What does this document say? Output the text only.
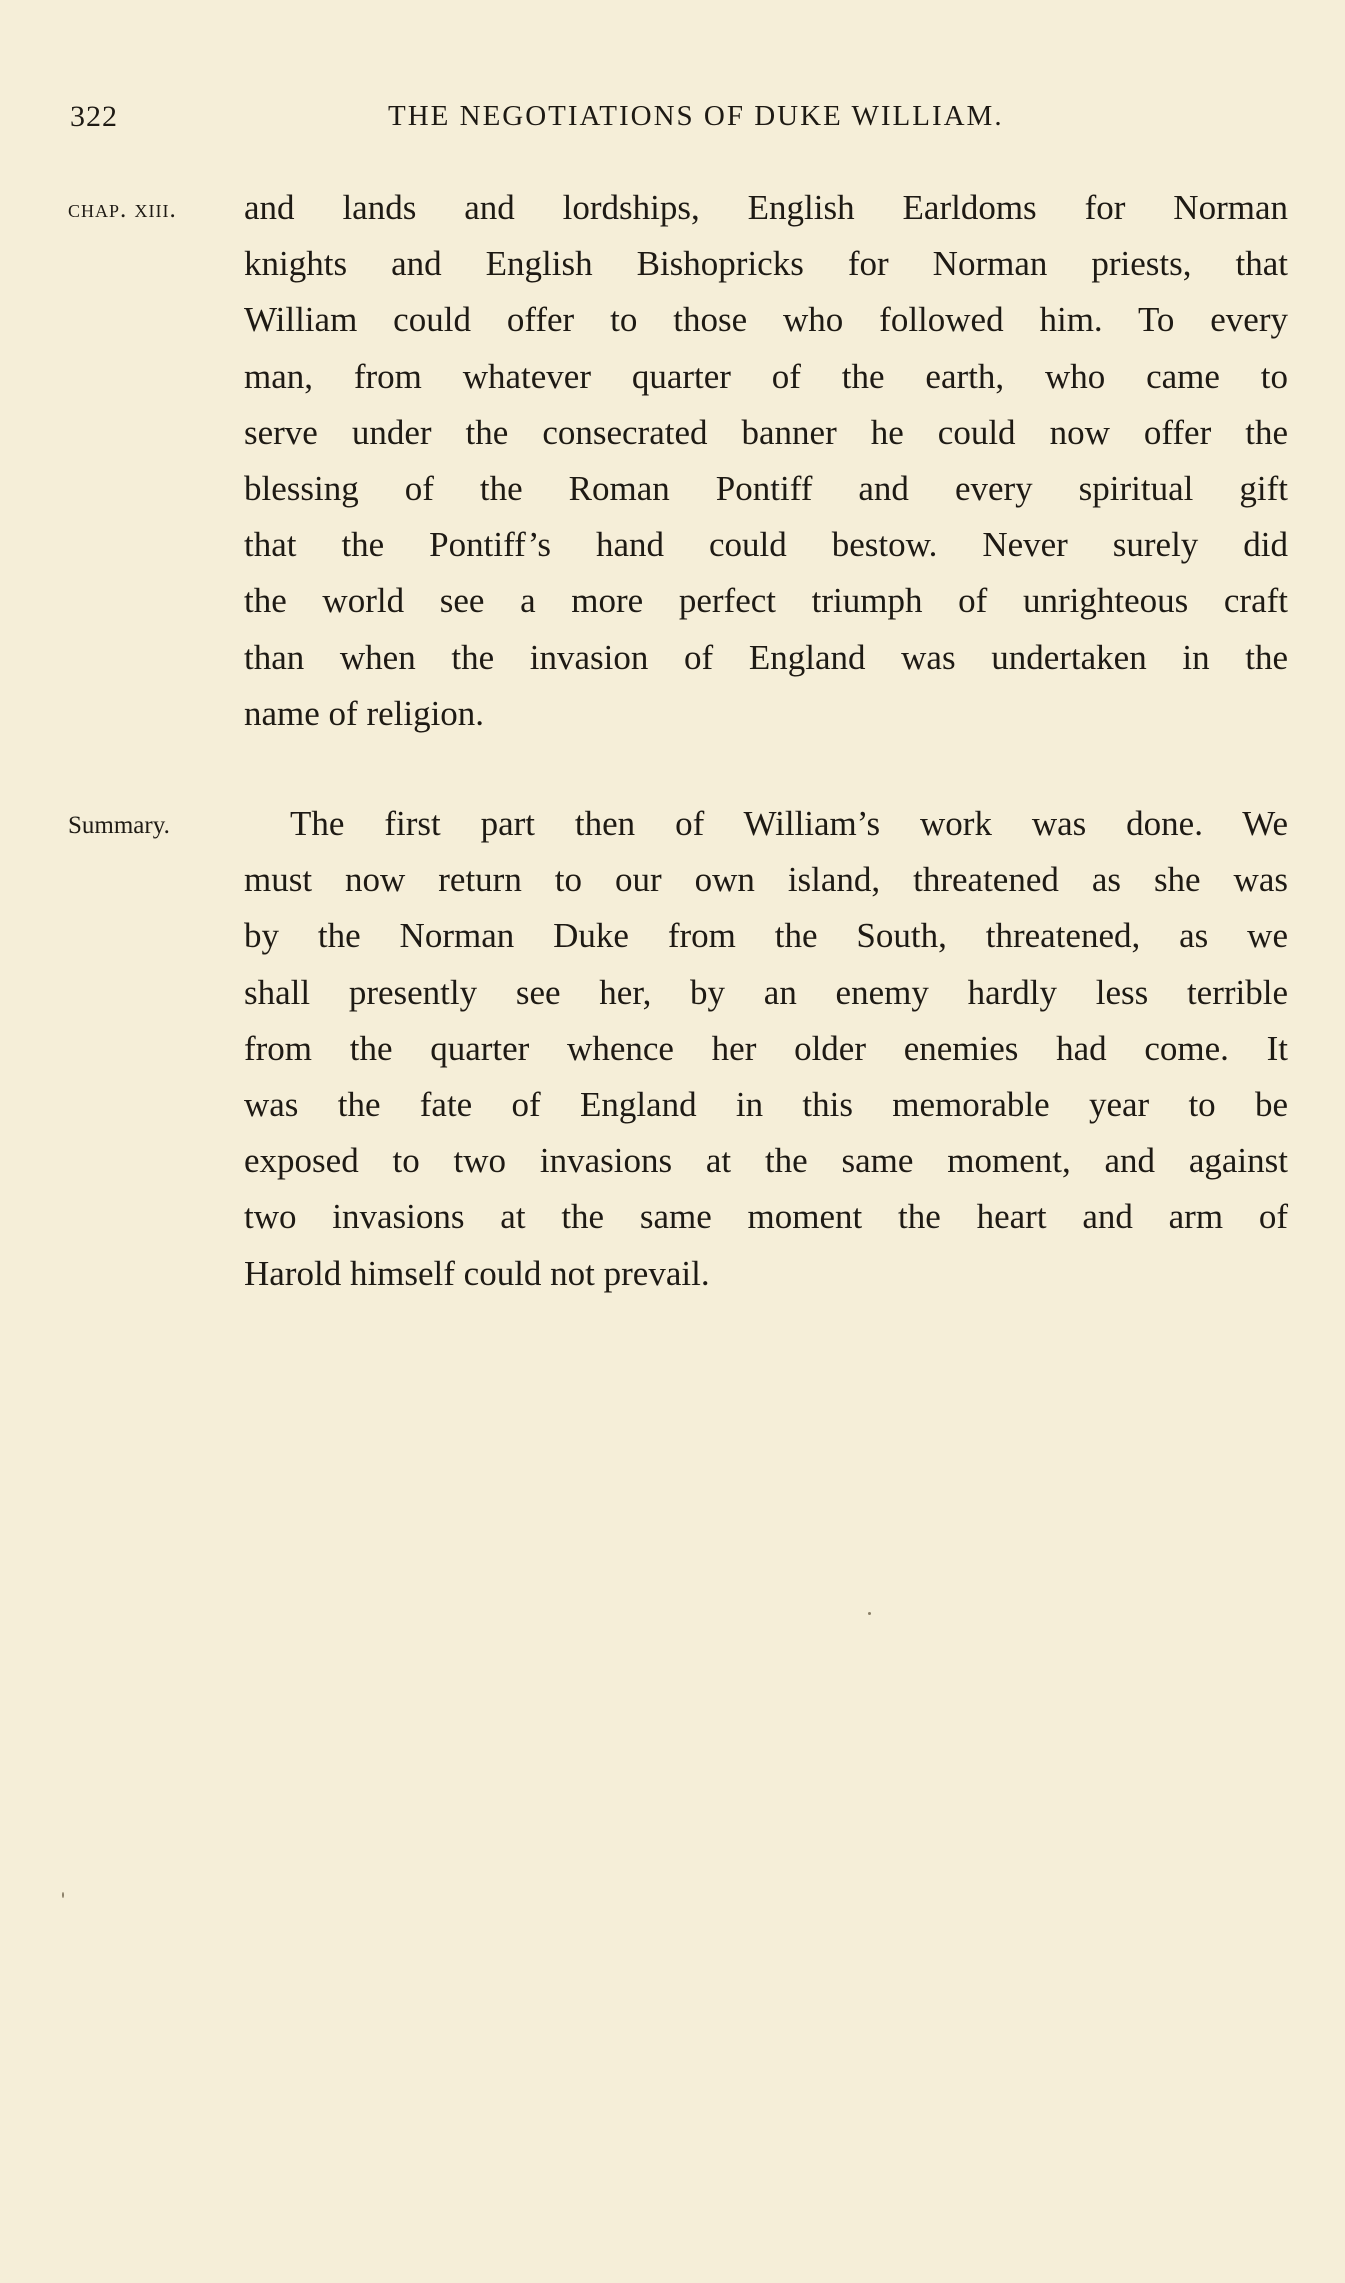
322	THE NEGOTIATIONS OF DUKE WILLIAM.
chap. xiii. and lands and lordships, English Earldoms for Norman
knights and English Bishopricks for Norman priests, that
William could offer to those who followed him. To every
man, from whatever quarter of the earth, who came to
serve under the consecrated banner he could now offer the
blessing of the Roman Pontiff and every spiritual gift
that the Pontiff’s hand could bestow. Never surely did
the world see a more perfect triumph of unrighteous craft
than when the invasion of England was undertaken in the
name of religion.
Summary.	The first part then of William’s work was done. We
must now return to our own island, threatened as she was
by the Norman Duke from the South, threatened, as we
shall presently see her, by an enemy hardly less terrible
from the quarter whence her older enemies had come. It
was the fate of England in this memorable year to be
exposed to two invasions at the same moment, and against
two invasions at the same moment the heart and arm of
Harold himself could not prevail.
